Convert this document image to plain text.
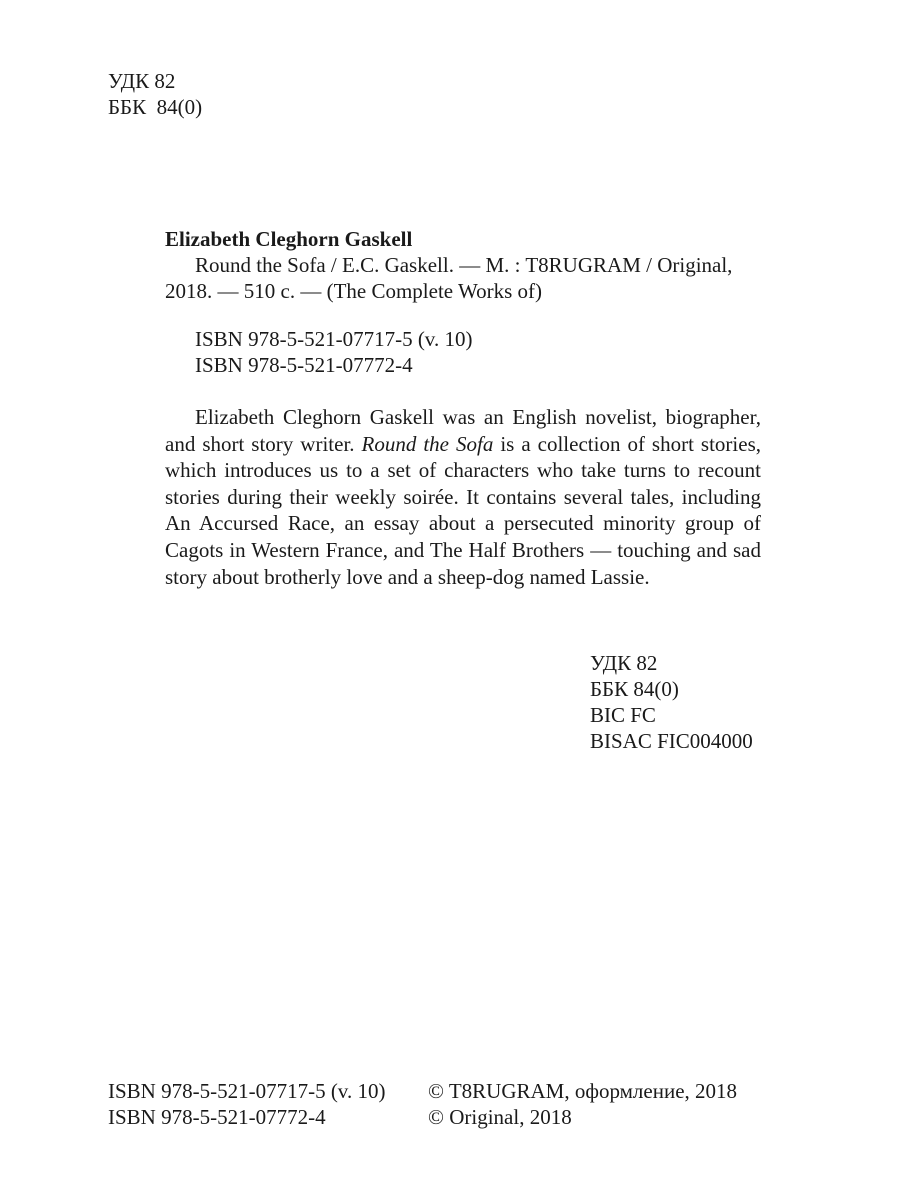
УДК 82
ББК  84(0)
Elizabeth Cleghorn Gaskell
Round the Sofa / E.C. Gaskell. — M. : T8RUGRAM / Original,
2018. — 510 c. — (The Complete Works of)
ISBN 978-5-521-07717-5 (v. 10)
ISBN 978-5-521-07772-4

Elizabeth Cleghorn Gaskell was an English novelist, biographer, and short story writer. Round the Sofa is a collection of short stories, which introduces us to a set of characters who take turns to recount stories during their weekly soirée. It contains several tales, including An Accursed Race, an essay about a persecuted minority group of Cagots in Western France, and The Half Brothers — touching and sad story about brotherly love and a sheep-dog named Lassie.

УДК 82
ББК 84(0)
BIC FC
BISAC FIC004000
ISBN 978-5-521-07717-5 (v. 10)
ISBN 978-5-521-07772-4
© T8RUGRAM, оформление, 2018
© Original, 2018
